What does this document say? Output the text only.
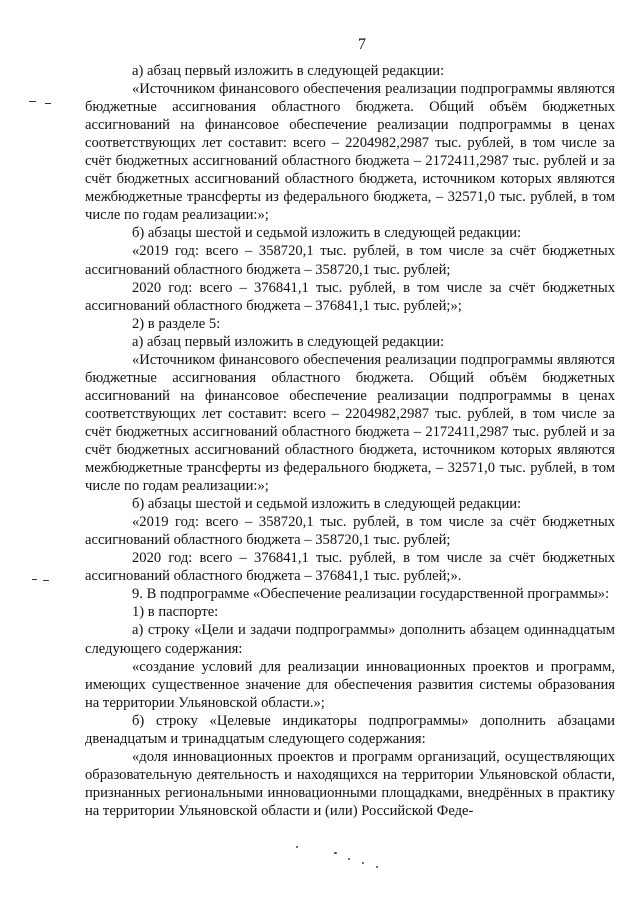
7

а) абзац первый изложить в следующей редакции:

«Источником финансового обеспечения реализации подпрограммы являются бюджетные ассигнования областного бюджета. Общий объём бюджетных ассигнований на финансовое обеспечение реализации подпрограммы в ценах соответствующих лет составит: всего – 2204982,2987 тыс. рублей, в том числе за счёт бюджетных ассигнований областного бюджета – 2172411,2987 тыс. рублей и за счёт бюджетных ассигнований областного бюджета, источником которых являются межбюджетные трансферты из федерального бюджета, – 32571,0 тыс. рублей, в том числе по годам реализации:»;

б) абзацы шестой и седьмой изложить в следующей редакции:

«2019 год: всего – 358720,1 тыс. рублей, в том числе за счёт бюджетных ассигнований областного бюджета – 358720,1 тыс. рублей;

2020 год: всего – 376841,1 тыс. рублей, в том числе за счёт бюджетных ассигнований областного бюджета – 376841,1 тыс. рублей;»;

2) в разделе 5:

а) абзац первый изложить в следующей редакции:

«Источником финансового обеспечения реализации подпрограммы являются бюджетные ассигнования областного бюджета. Общий объём бюджетных ассигнований на финансовое обеспечение реализации подпрограммы в ценах соответствующих лет составит: всего – 2204982,2987 тыс. рублей, в том числе за счёт бюджетных ассигнований областного бюджета – 2172411,2987 тыс. рублей и за счёт бюджетных ассигнований областного бюджета, источником которых являются межбюджетные трансферты из федерального бюджета, – 32571,0 тыс. рублей, в том числе по годам реализации:»;

б) абзацы шестой и седьмой изложить в следующей редакции:

«2019 год: всего – 358720,1 тыс. рублей, в том числе за счёт бюджетных ассигнований областного бюджета – 358720,1 тыс. рублей;

2020 год: всего – 376841,1 тыс. рублей, в том числе за счёт бюджетных ассигнований областного бюджета – 376841,1 тыс. рублей;».

9. В подпрограмме «Обеспечение реализации государственной программы»:

1) в паспорте:

а) строку «Цели и задачи подпрограммы» дополнить абзацем одиннадцатым следующего содержания:

«создание условий для реализации инновационных проектов и программ, имеющих существенное значение для обеспечения развития системы образования на территории Ульяновской области.»;

б) строку «Целевые индикаторы подпрограммы» дополнить абзацами двенадцатым и тринадцатым следующего содержания:

«доля инновационных проектов и программ организаций, осуществляющих образовательную деятельность и находящихся на территории Ульяновской области, признанных региональными инновационными площадками, внедрённых в практику на территории Ульяновской области и (или) Российской Феде-
